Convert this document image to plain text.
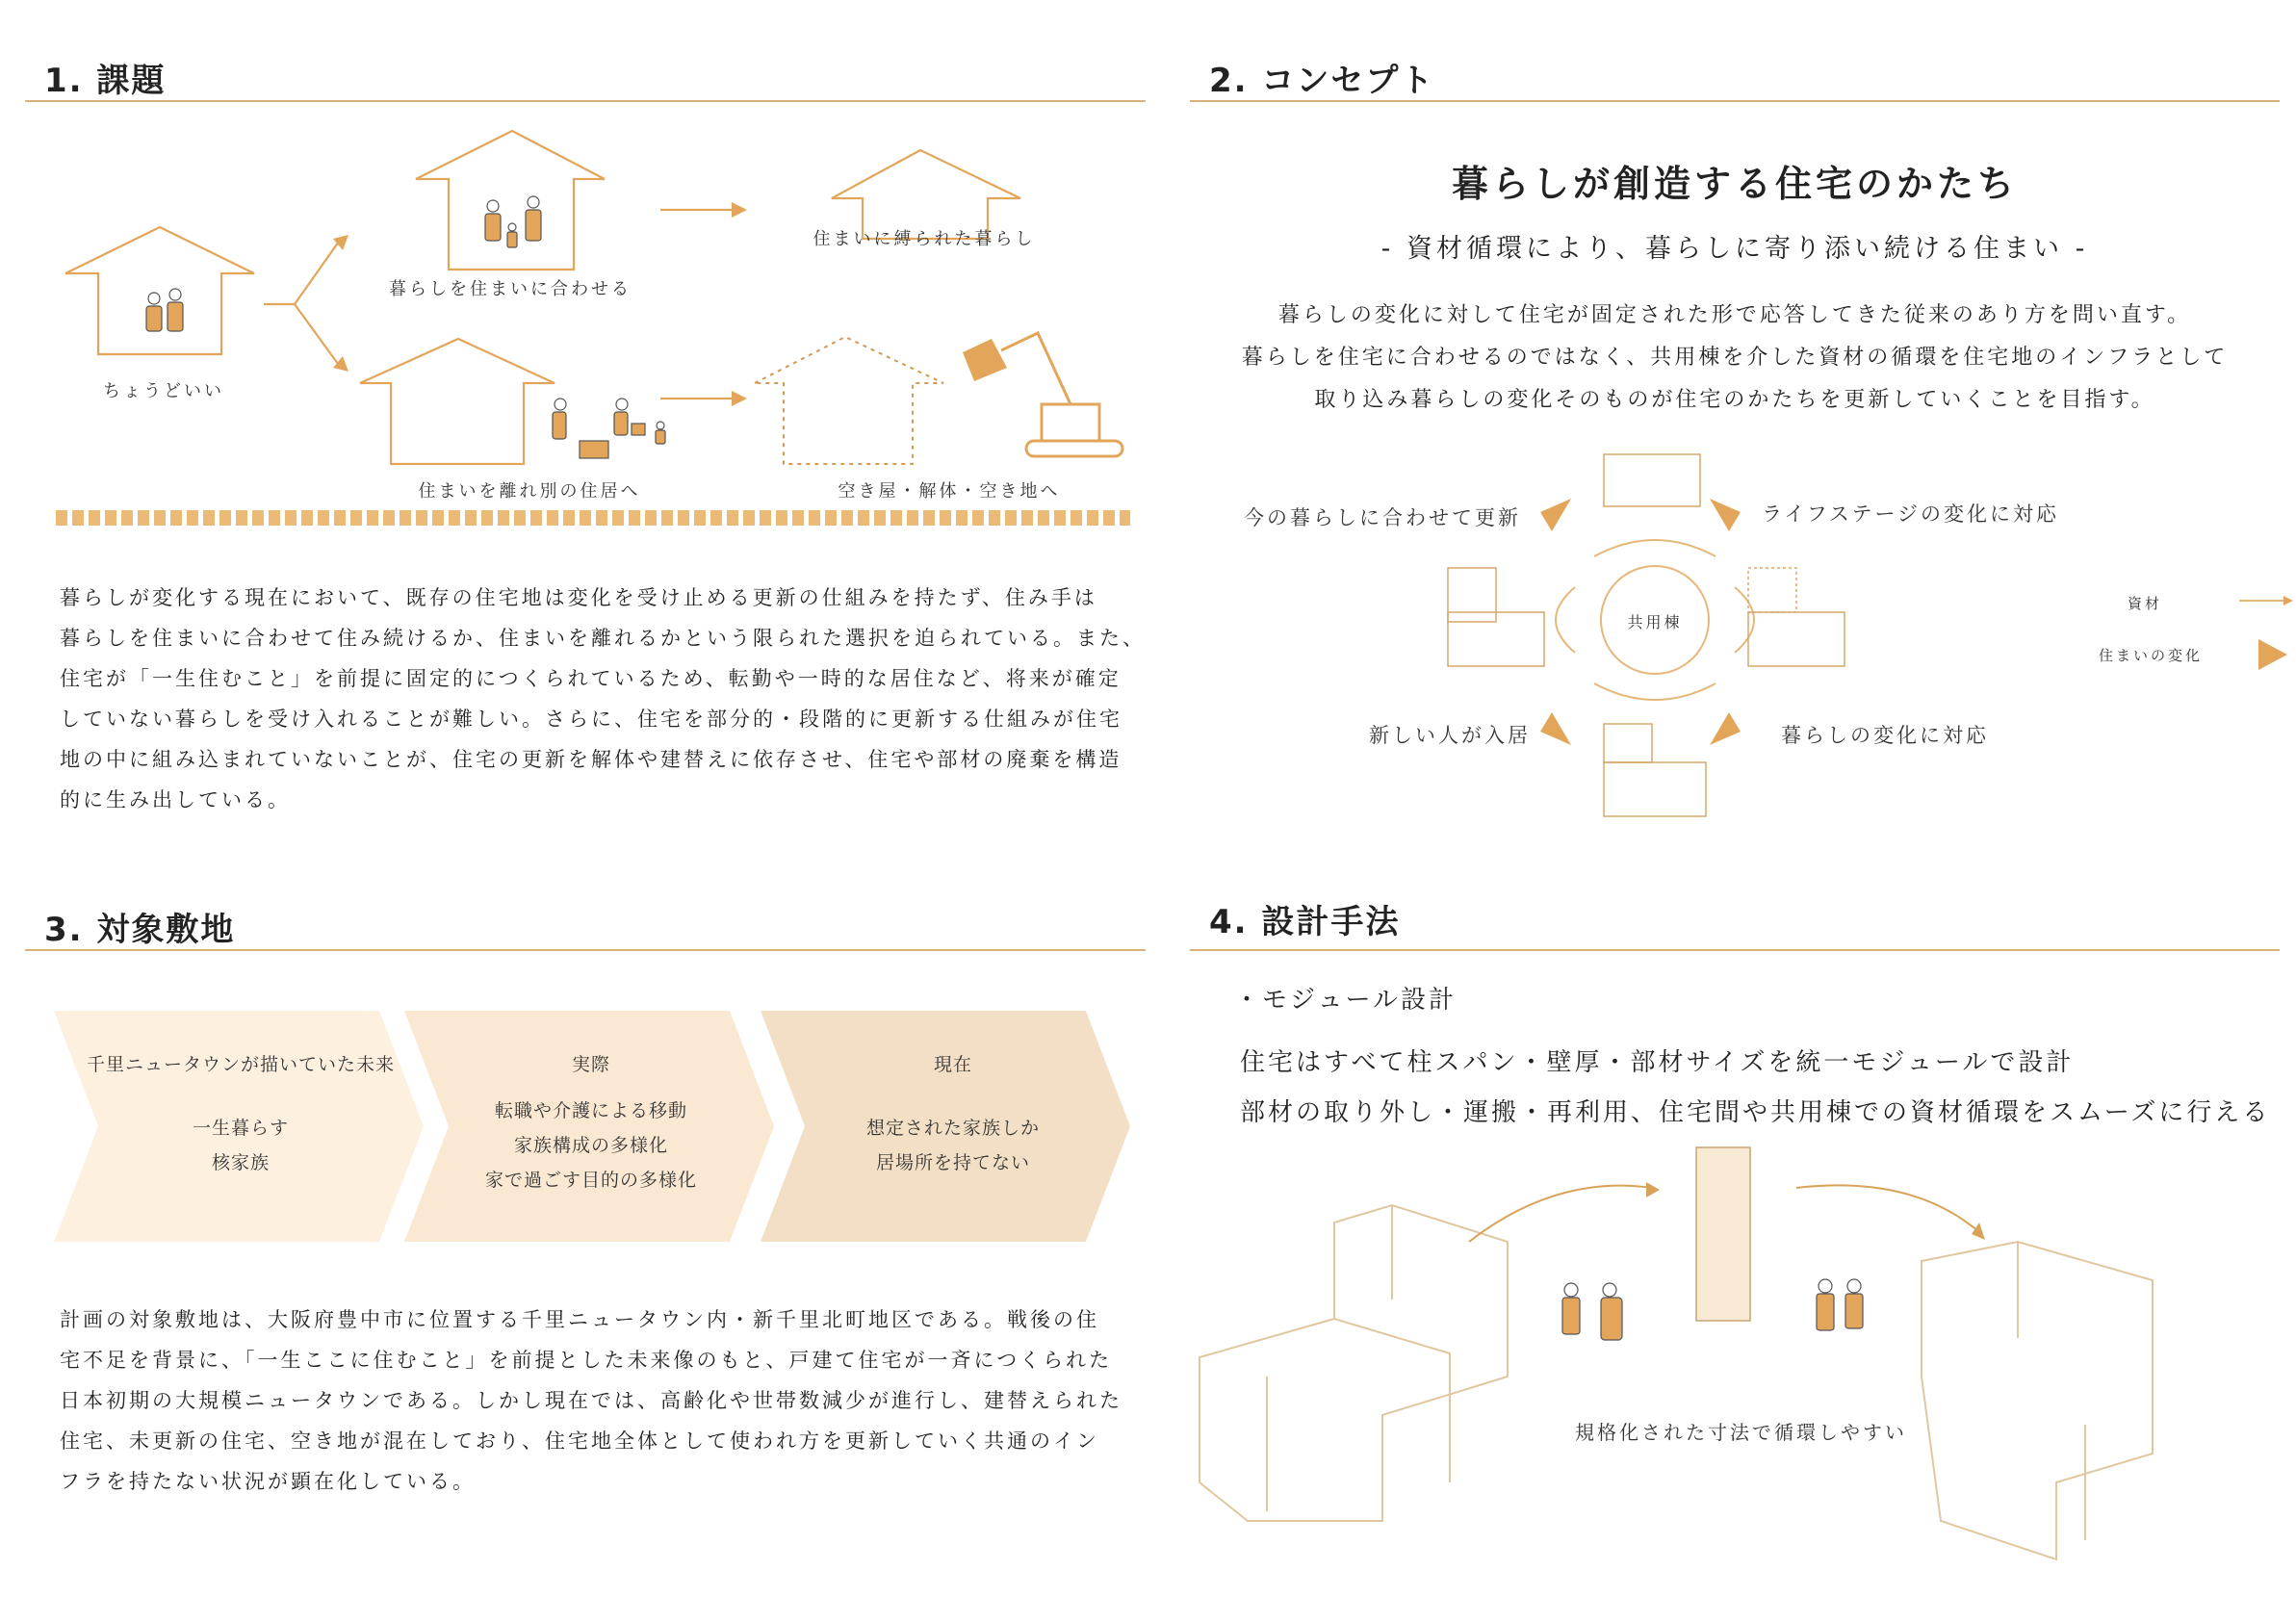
1. 課題
ちょうどいい
暮らしを住まいに合わせる
住まいに縛られた暮らし
住まいを離れ別の住居へ	空き屋・解体・空き地へ
暮らしが変化する現在において、既存の住宅地は変化を受け止める更新の仕組みを持たず、住み手は
暮らしを住まいに合わせて住み続けるか、住まいを離れるかという限られた選択を迫られている。また、
住宅が「一生住むこと」を前提に固定的につくられているため、転勤や一時的な居住など、将来が確定
していない暮らしを受け入れることが難しい。さらに、住宅を部分的・段階的に更新する仕組みが住宅
地の中に組み込まれていないことが、住宅の更新を解体や建替えに依存させ、住宅や部材の廃棄を構造
的に生み出している。
2. コンセプト
暮らしが創造する住宅のかたち
- 資材循環により、暮らしに寄り添い続ける住まい -
暮らしの変化に対して住宅が固定された形で応答してきた従来のあり方を問い直す。
暮らしを住宅に合わせるのではなく、共用棟を介した資材の循環を住宅地のインフラとして
取り込み暮らしの変化そのものが住宅のかたちを更新していくことを目指す。
今の暮らしに合わせて更新	ライフステージの変化に対応
新しい人が入居	暮らしの変化に対応
共用棟
資材
住まいの変化
3. 対象敷地
千里ニュータウンが描いていた未来
一生暮らす
核家族
実際
転職や介護による移動
家族構成の多様化
家で過ごす目的の多様化
現在
想定された家族しか
居場所を持てない
計画の対象敷地は、大阪府豊中市に位置する千里ニュータウン内・新千里北町地区である。戦後の住
宅不足を背景に、「一生ここに住むこと」を前提とした未来像のもと、戸建て住宅が一斉につくられた
日本初期の大規模ニュータウンである。しかし現在では、高齢化や世帯数減少が進行し、建替えられた
住宅、未更新の住宅、空き地が混在しており、住宅地全体として使われ方を更新していく共通のイン
フラを持たない状況が顕在化している。
4. 設計手法
・モジュール設計
住宅はすべて柱スパン・壁厚・部材サイズを統一モジュールで設計
部材の取り外し・運搬・再利用、住宅間や共用棟での資材循環をスムーズに行える
規格化された寸法で循環しやすい
